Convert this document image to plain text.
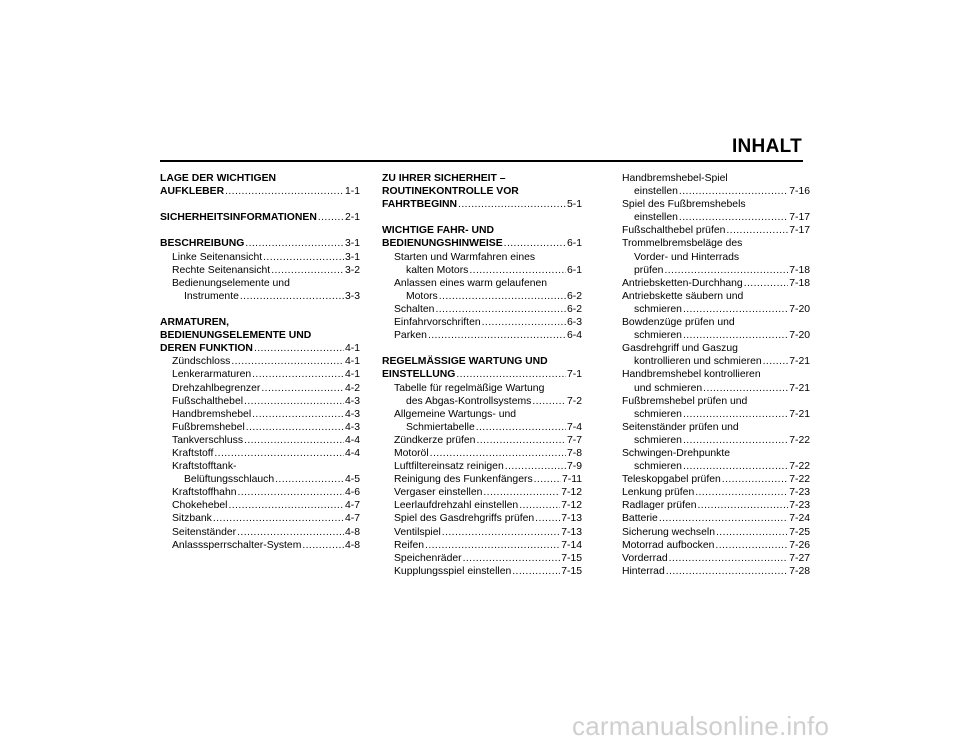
INHALT
LAGE DER WICHTIGEN
AUFKLEBER .....	1-1
SICHERHEITSINFORMATIONEN .....	2-1
BESCHREIBUNG .....	3-1
Linke Seitenansicht .....	3-1
Rechte Seitenansicht .....	3-2
Bedienungselemente und
Instrumente .....	3-3
ARMATUREN,
BEDIENUNGSELEMENTE UND
DEREN FUNKTION .....	4-1
Zündschloss .....	4-1
Lenkerarmaturen .....	4-1
Drehzahlbegrenzer .....	4-2
Fußschalthebel .....	4-3
Handbremshebel .....	4-3
Fußbremshebel .....	4-3
Tankverschluss .....	4-4
Kraftstoff .....	4-4
Kraftstofftank-
Belüftungsschlauch .....	4-5
Kraftstoffhahn .....	4-6
Chokehebel .....	4-7
Sitzbank .....	4-7
Seitenständer .....	4-8
Anlasssperrschalter-System .....	4-8
ZU IHRER SICHERHEIT –
ROUTINEKONTROLLE VOR
FAHRTBEGINN .....	5-1
WICHTIGE FAHR- UND
BEDIENUNGSHINWEISE .....	6-1
Starten und Warmfahren eines
kalten Motors .....	6-1
Anlassen eines warm gelaufenen
Motors .....	6-2
Schalten .....	6-2
Einfahrvorschriften .....	6-3
Parken .....	6-4
REGELMÄSSIGE WARTUNG UND
EINSTELLUNG .....	7-1
Tabelle für regelmäßige Wartung
des Abgas-Kontrollsystems .....	7-2
Allgemeine Wartungs- und
Schmiertabelle .....	7-4
Zündkerze prüfen .....	7-7
Motoröl .....	7-8
Luftfiltereinsatz reinigen .....	7-9
Reinigung des Funkenfängers .....	7-11
Vergaser einstellen .....	7-12
Leerlaufdrehzahl einstellen .....	7-12
Spiel des Gasdrehgriffs prüfen .....	7-13
Ventilspiel .....	7-13
Reifen .....	7-14
Speichenräder .....	7-15
Kupplungsspiel einstellen .....	7-15
Handbremshebel-Spiel
einstellen .....	7-16
Spiel des Fußbremshebels
einstellen .....	7-17
Fußschalthebel prüfen .....	7-17
Trommelbremsbeläge des
Vorder- und Hinterrads
prüfen .....	7-18
Antriebsketten-Durchhang .....	7-18
Antriebskette säubern und
schmieren .....	7-20
Bowdenzüge prüfen und
schmieren .....	7-20
Gasdrehgriff und Gaszug
kontrollieren und schmieren .....	7-21
Handbremshebel kontrollieren
und schmieren .....	7-21
Fußbremshebel prüfen und
schmieren .....	7-21
Seitenständer prüfen und
schmieren .....	7-22
Schwingen-Drehpunkte
schmieren .....	7-22
Teleskopgabel prüfen .....	7-22
Lenkung prüfen .....	7-23
Radlager prüfen .....	7-23
Batterie .....	7-24
Sicherung wechseln .....	7-25
Motorrad aufbocken .....	7-26
Vorderrad .....	7-27
Hinterrad .....	7-28
carmanualsonline.info
